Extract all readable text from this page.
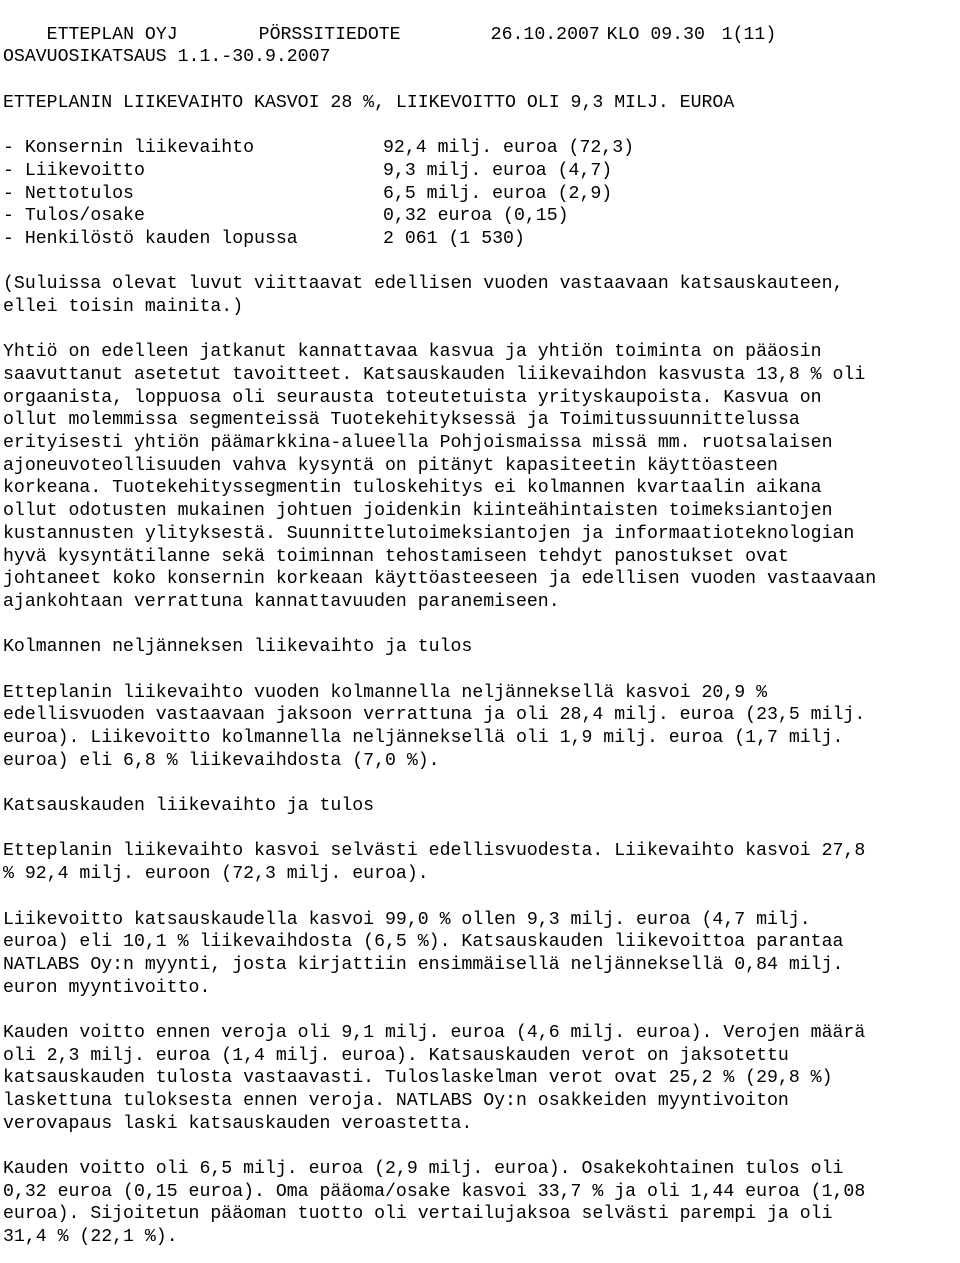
ETTEPLAN OYJ	PÖRSSITIEDOTE	26.10.2007 KLO 09.30 1(11)

OSAVUOSIKATSAUS 1.1.-30.9.2007
ETTEPLANIN LIIKEVAIHTO KASVOI 28 %, LIIKEVOITTO OLI 9,3 MILJ. EUROA
- Konsernin liikevaihto	92,4 milj. euroa (72,3)
- Liikevoitto	9,3 milj. euroa (4,7)
- Nettotulos	6,5 milj. euroa (2,9)
- Tulos/osake	0,32 euroa (0,15)
- Henkilöstö kauden lopussa	2 061 (1 530)
(Suluissa olevat luvut viittaavat edellisen vuoden vastaavaan katsauskauteen,
ellei toisin mainita.)
Yhtiö on edelleen jatkanut kannattavaa kasvua ja yhtiön toiminta on pääosin
saavuttanut asetetut tavoitteet. Katsauskauden liikevaihdon kasvusta 13,8 % oli
orgaanista, loppuosa oli seurausta toteutetuista yrityskaupoista. Kasvua on
ollut molemmissa segmenteissä Tuotekehityksessä ja Toimitussuunnittelussa
erityisesti yhtiön päämarkkina-alueella Pohjoismaissa missä mm. ruotsalaisen
ajoneuvoteollisuuden vahva kysyntä on pitänyt kapasiteetin käyttöasteen
korkeana. Tuotekehityssegmentin tuloskehitys ei kolmannen kvartaalin aikana
ollut odotusten mukainen johtuen joidenkin kiinteähintaisten toimeksiantojen
kustannusten ylityksestä. Suunnittelutoimeksiantojen ja informaatioteknologian
hyvä kysyntätilanne sekä toiminnan tehostamiseen tehdyt panostukset ovat
johtaneet koko konsernin korkeaan käyttöasteeseen ja edellisen vuoden vastaavaan
ajankohtaan verrattuna kannattavuuden paranemiseen.
Kolmannen neljänneksen liikevaihto ja tulos
Etteplanin liikevaihto vuoden kolmannella neljänneksellä kasvoi 20,9 %
edellisvuoden vastaavaan jaksoon verrattuna ja oli 28,4 milj. euroa (23,5 milj.
euroa). Liikevoitto kolmannella neljänneksellä oli 1,9 milj. euroa (1,7 milj.
euroa) eli 6,8 % liikevaihdosta (7,0 %).
Katsauskauden liikevaihto ja tulos
Etteplanin liikevaihto kasvoi selvästi edellisvuodesta. Liikevaihto kasvoi 27,8
% 92,4 milj. euroon (72,3 milj. euroa).
Liikevoitto katsauskaudella kasvoi 99,0 % ollen 9,3 milj. euroa (4,7 milj.
euroa) eli 10,1 % liikevaihdosta (6,5 %). Katsauskauden liikevoittoa parantaa
NATLABS Oy:n myynti, josta kirjattiin ensimmäisellä neljänneksellä 0,84 milj.
euron myyntivoitto.
Kauden voitto ennen veroja oli 9,1 milj. euroa (4,6 milj. euroa). Verojen määrä
oli 2,3 milj. euroa (1,4 milj. euroa). Katsauskauden verot on jaksotettu
katsauskauden tulosta vastaavasti. Tuloslaskelman verot ovat 25,2 % (29,8 %)
laskettuna tuloksesta ennen veroja. NATLABS Oy:n osakkeiden myyntivoiton
verovapaus laski katsauskauden veroastetta.
Kauden voitto oli 6,5 milj. euroa (2,9 milj. euroa). Osakekohtainen tulos oli
0,32 euroa (0,15 euroa). Oma pääoma/osake kasvoi 33,7 % ja oli 1,44 euroa (1,08
euroa). Sijoitetun pääoman tuotto oli vertailujaksoa selvästi parempi ja oli
31,4 % (22,1 %).
